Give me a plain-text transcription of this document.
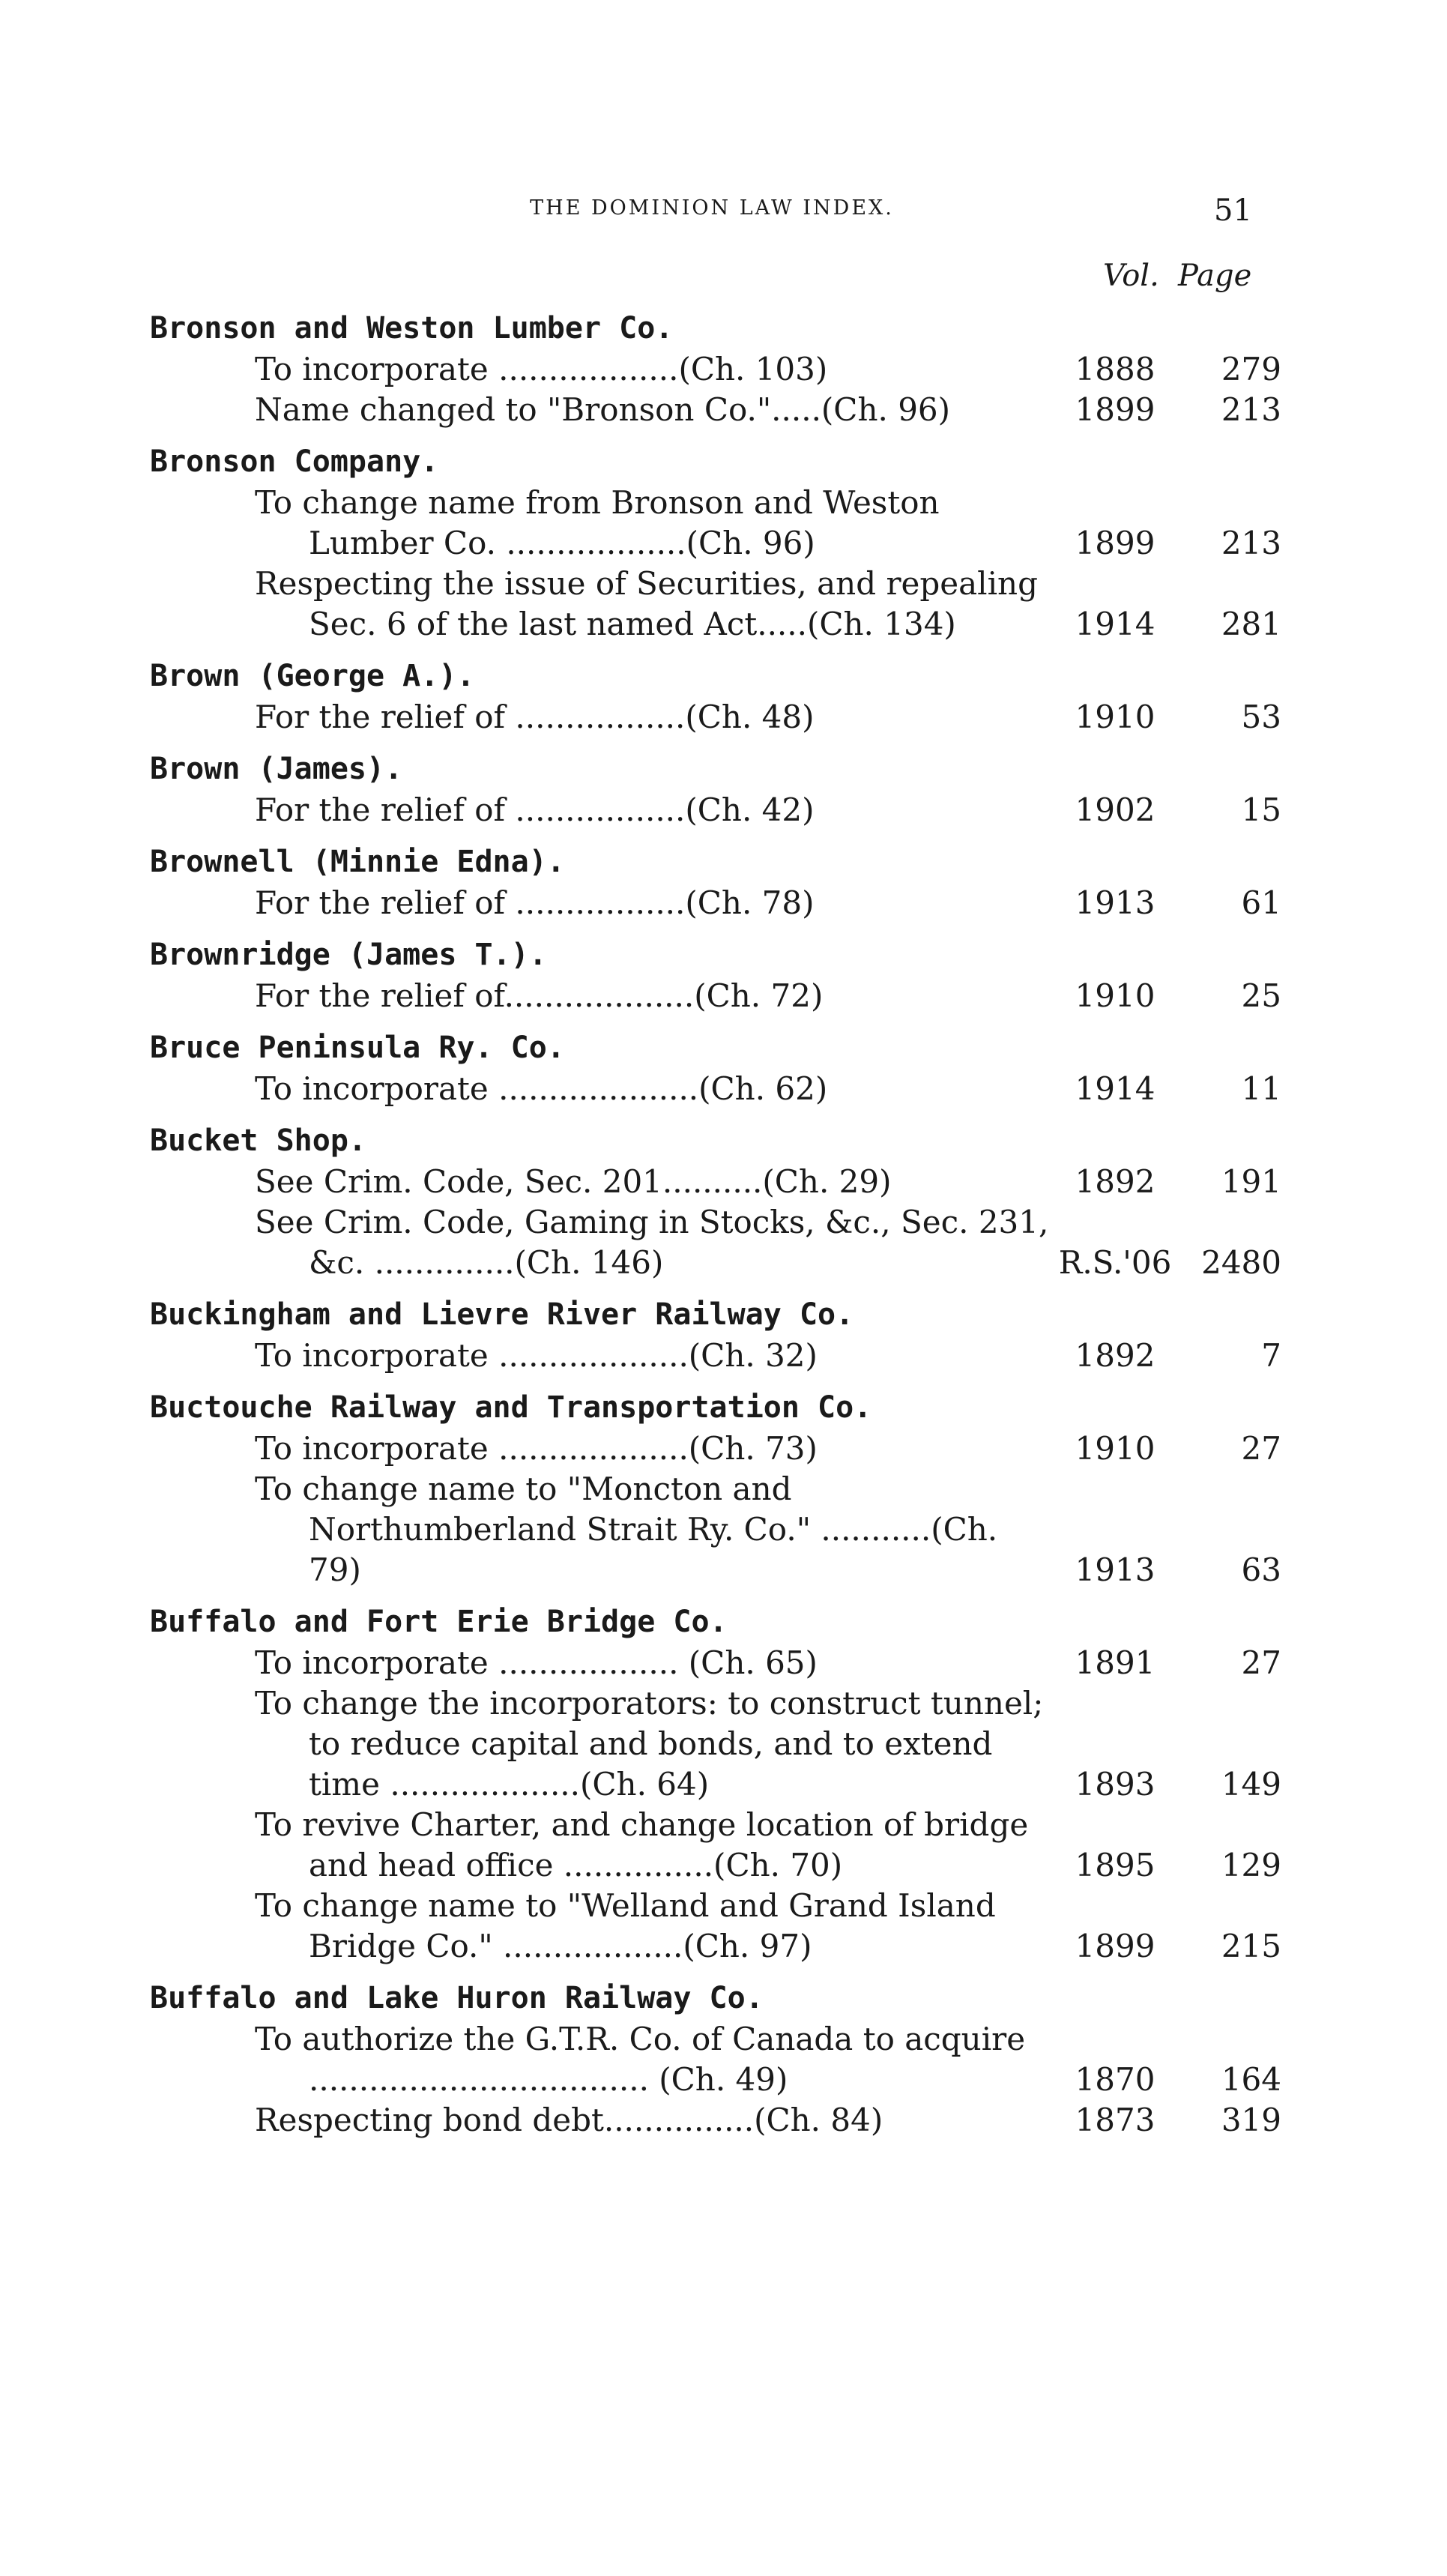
THE DOMINION LAW INDEX.	51
Vol. Page
Bronson and Weston Lumber Co.
To incorporate ..................(Ch. 103)	1888	279
Name changed to "Bronson Co.".....(Ch. 96)	1899	213
Bronson Company.
To change name from Bronson and Weston Lumber Co. ..................(Ch. 96)	1899	213
Respecting the issue of Securities, and repealing Sec. 6 of the last named Act.....(Ch. 134)	1914	281
Brown (George A.).
For the relief of .................(Ch. 48)	1910	53
Brown (James).
For the relief of .................(Ch. 42)	1902	15
Brownell (Minnie Edna).
For the relief of .................(Ch. 78)	1913	61
Brownridge (James T.).
For the relief of...................(Ch. 72)	1910	25
Bruce Peninsula Ry. Co.
To incorporate ....................(Ch. 62)	1914	11
Bucket Shop.
See Crim. Code, Sec. 201..........(Ch. 29)	1892	191
See Crim. Code, Gaming in Stocks, &c., Sec. 231, &c. ..............(Ch. 146)	R.S.'06 2480
Buckingham and Lievre River Railway Co.
To incorporate ...................(Ch. 32)	1892	7
Buctouche Railway and Transportation Co.
To incorporate ...................(Ch. 73)	1910	27
To change name to "Moncton and Northumberland Strait Ry. Co." ...........(Ch. 79)	1913	63
Buffalo and Fort Erie Bridge Co.
To incorporate .................. (Ch. 65)	1891	27
To change the incorporators: to construct tunnel; to reduce capital and bonds, and to extend time ...................(Ch. 64)	1893	149
To revive Charter, and change location of bridge and head office ...............(Ch. 70)	1895	129
To change name to "Welland and Grand Island Bridge Co." ..................(Ch. 97)	1899	215
Buffalo and Lake Huron Railway Co.
To authorize the G.T.R. Co. of Canada to acquire .................................. (Ch. 49)	1870	164
Respecting bond debt...............(Ch. 84)	1873	319
